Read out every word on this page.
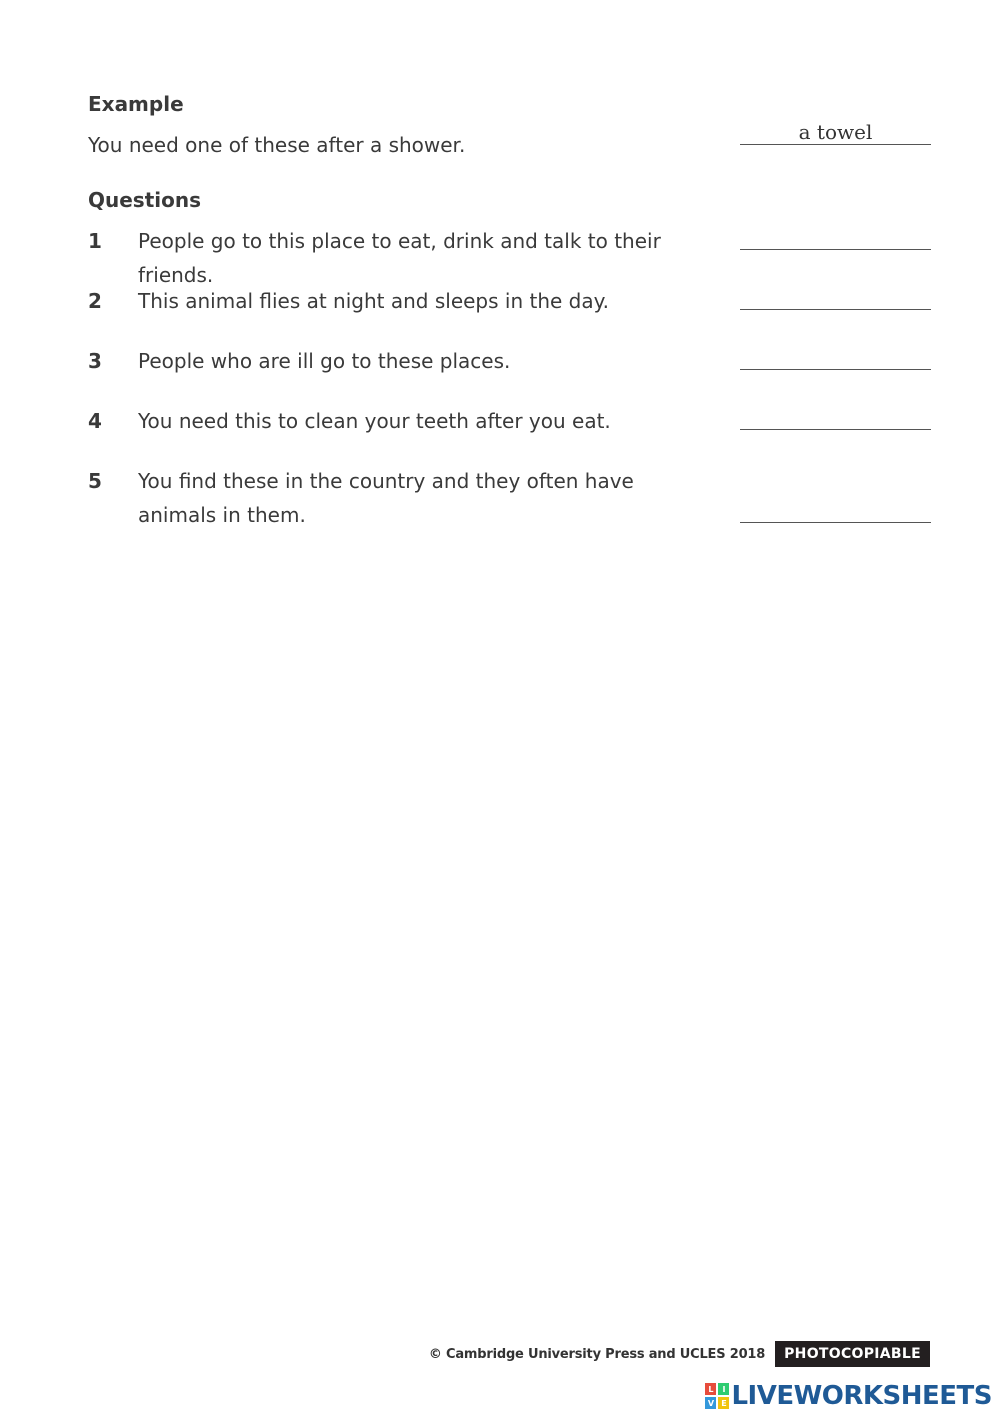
Example
You need one of these after a shower.
a towel
Questions
1 People go to this place to eat, drink and talk to their friends.
2 This animal flies at night and sleeps in the day.
3 People who are ill go to these places.
4 You need this to clean your teeth after you eat.
5 You find these in the country and they often have animals in them.
© Cambridge University Press and UCLES 2018	PHOTOCOPIABLE
L	I
V E LIVEWORKSHEETS
